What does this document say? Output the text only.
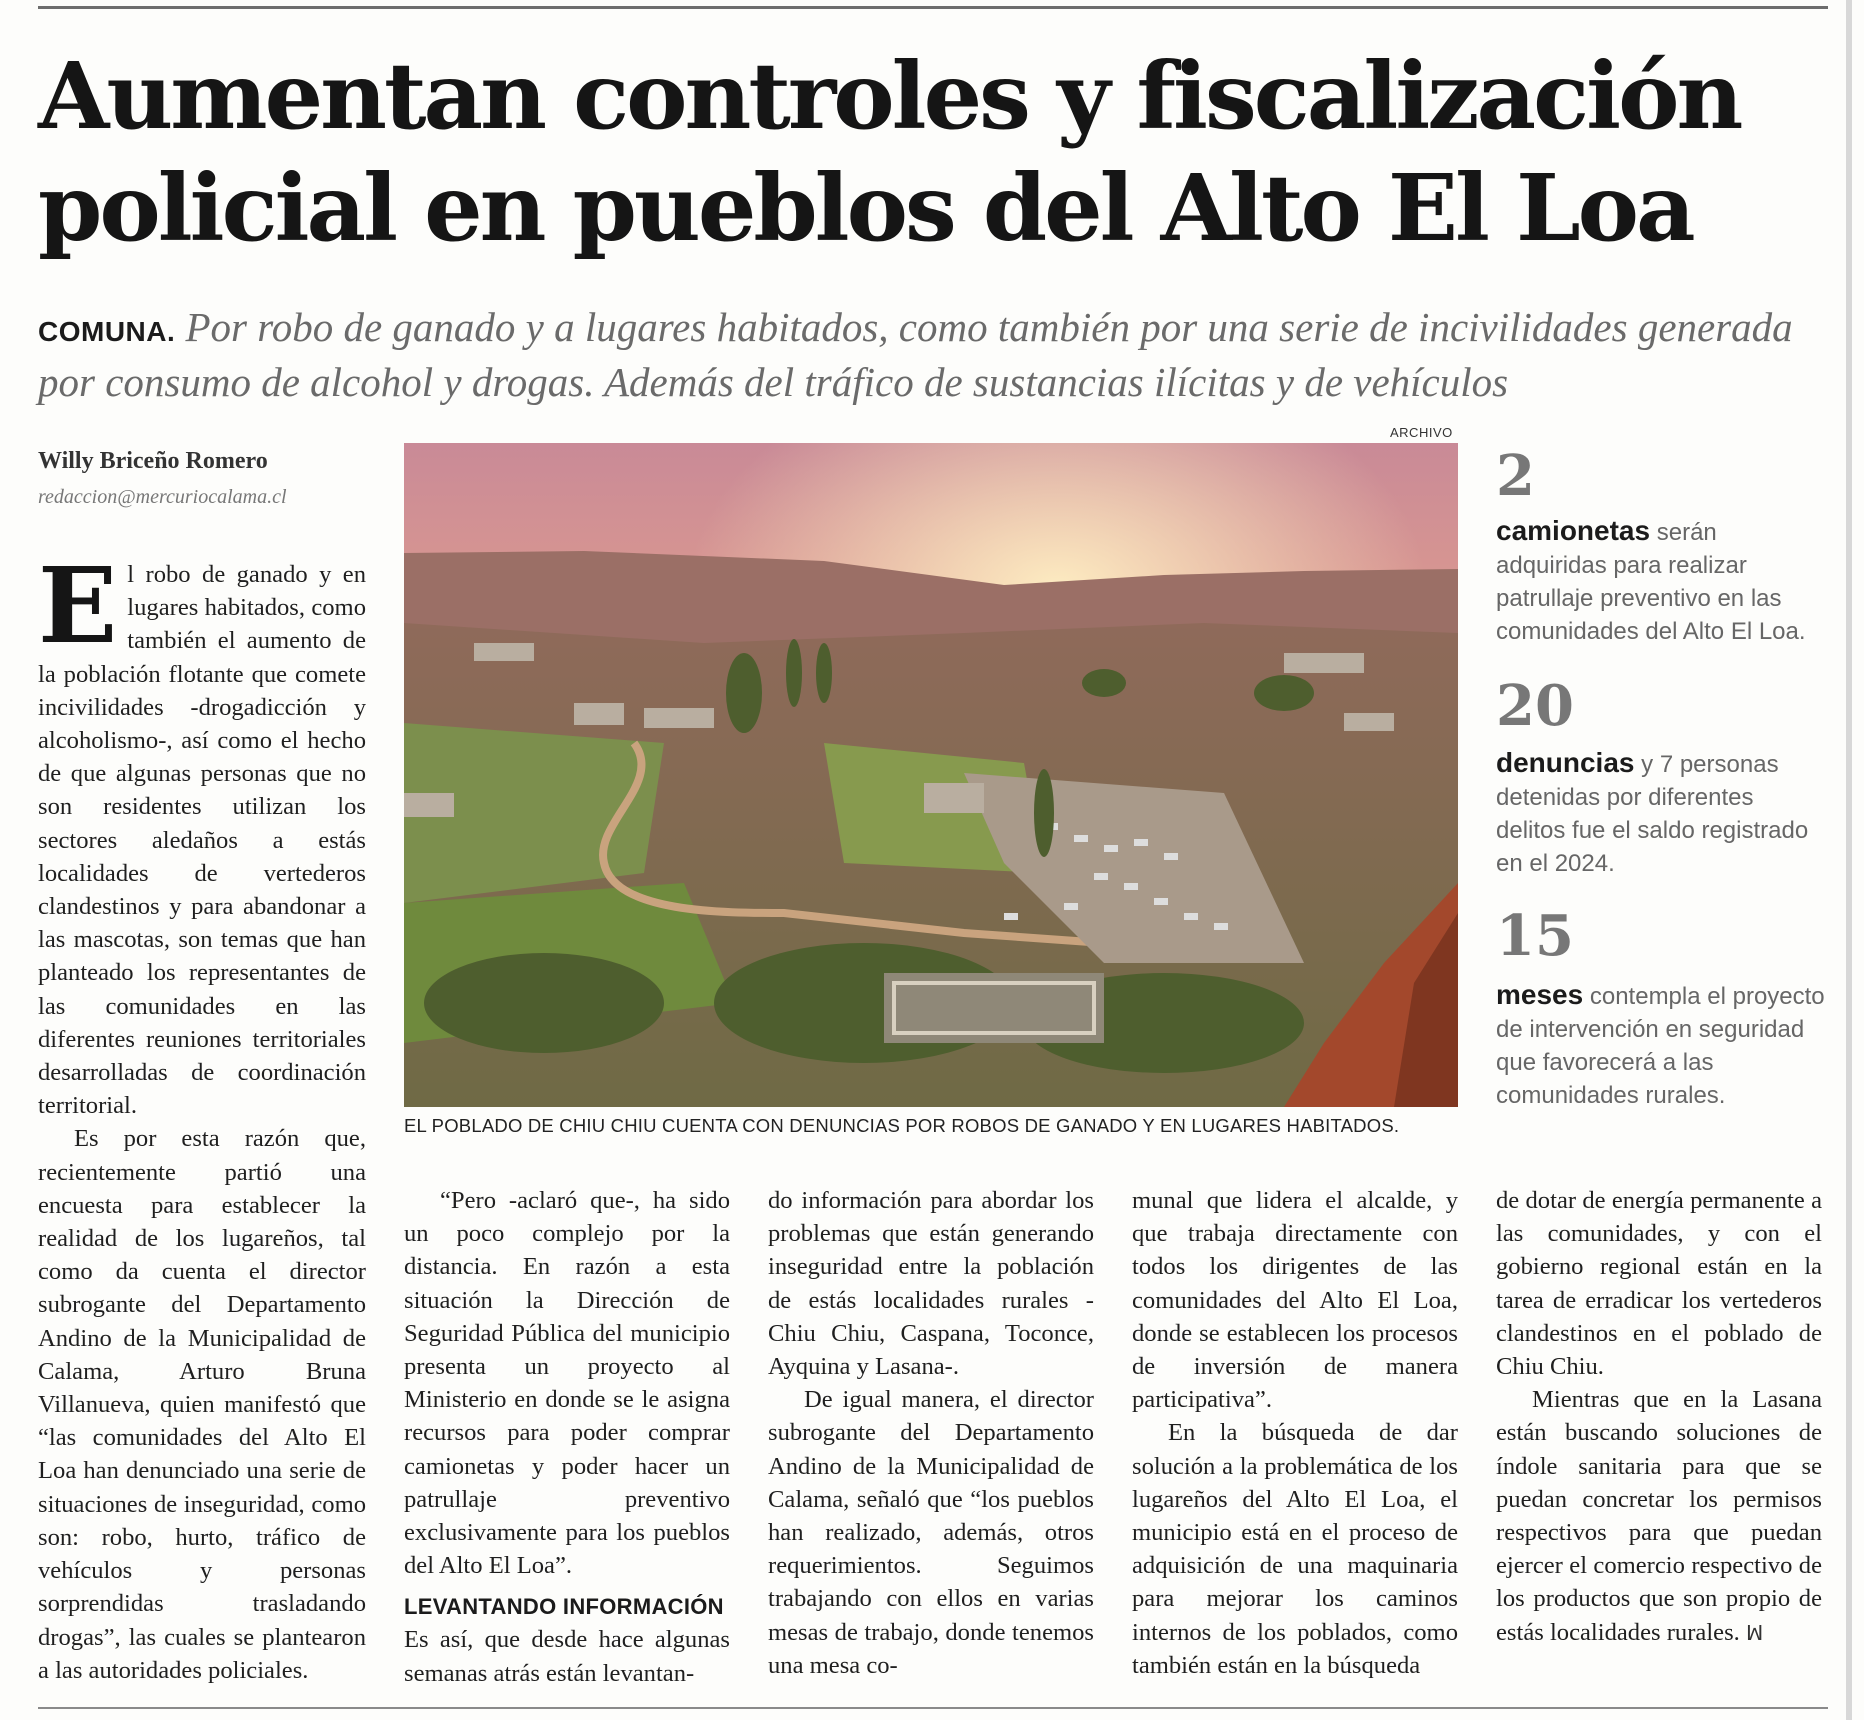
Aumentan controles y fiscalización
policial en pueblos del Alto El Loa
COMUNA. Por robo de ganado y a lugares habitados, como también por una serie de incivilidades generada por consumo de alcohol y drogas. Además del tráfico de sustancias ilícitas y de vehículos
Willy Briceño Romero
redaccion@mercuriocalama.cl

El robo de ganado y en lugares habitados, como también el aumento de la población flotante que comete incivilidades -drogadicción y alcoholismo-, así como el hecho de que algunas personas que no son residentes utilizan los sectores aledaños a estás localidades de vertederos clandestinos y para abandonar a las mascotas, son temas que han planteado los representantes de las comunidades en las diferentes reuniones territoriales desarrolladas de coordinación territorial.

Es por esta razón que, recientemente partió una encuesta para establecer la realidad de los lugareños, tal como da cuenta el director subrogante del Departamento Andino de la Municipalidad de Calama, Arturo Bruna Villanueva, quien manifestó que “las comunidades del Alto El Loa han denunciado una serie de situaciones de inseguridad, como son: robo, hurto, tráfico de vehículos y personas sorprendidas trasladando drogas”, las cuales se plantearon a las autoridades policiales.

ARCHIVO
EL POBLADO DE CHIU CHIU CUENTA CON DENUNCIAS POR ROBOS DE GANADO Y EN LUGARES HABITADOS.
2
camionetas serán adquiridas para realizar patrullaje preventivo en las comunidades del Alto El Loa.
20
denuncias y 7 personas detenidas por diferentes delitos fue el saldo registrado en el 2024.
15
meses contempla el proyecto de intervención en seguridad que favorecerá a las comunidades rurales.

“Pero -aclaró que-, ha sido un poco complejo por la distancia. En razón a esta situación la Dirección de Seguridad Pública del municipio presenta un proyecto al Ministerio en donde se le asigna recursos para poder comprar camionetas y poder hacer un patrullaje preventivo exclusivamente para los pueblos del Alto El Loa”.

LEVANTANDO INFORMACIÓN

Es así, que desde hace algunas semanas atrás están levantan-

do información para abordar los problemas que están generando inseguridad entre la población de estás localidades rurales -Chiu Chiu, Caspana, Toconce, Ayquina y Lasana-.

De igual manera, el director subrogante del Departamento Andino de la Municipalidad de Calama, señaló que “los pueblos han realizado, además, otros requerimientos. Seguimos trabajando con ellos en varias mesas de trabajo, donde tenemos una mesa co-

munal que lidera el alcalde, y que trabaja directamente con todos los dirigentes de las comunidades del Alto El Loa, donde se establecen los procesos de inversión de manera participativa”.

En la búsqueda de dar solución a la problemática de los lugareños del Alto El Loa, el municipio está en el proceso de adquisición de una maquinaria para mejorar los caminos internos de los poblados, como también están en la búsqueda

de dotar de energía permanente a las comunidades, y con el gobierno regional están en la tarea de erradicar los vertederos clandestinos en el poblado de Chiu Chiu.

Mientras que en la Lasana están buscando soluciones de índole sanitaria para que se puedan concretar los permisos respectivos para que puedan ejercer el comercio respectivo de los productos que son propio de estás localidades rurales. ꟽ
